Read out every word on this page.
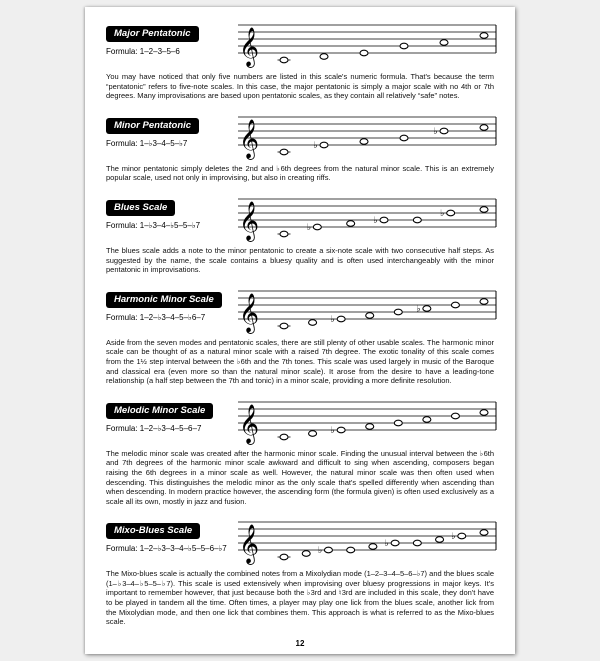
Major Pentatonic
Formula: 1–2–3–5–6	𝄞

You may have noticed that only five numbers are listed in this scale's numeric formula. That's because the term “pentatonic” refers to five-note scales. In this case, the major pentatonic is simply a major scale with no 4th or 7th degrees. Many improvisations are based upon pentatonic scales, as they contain all relatively “safe” notes.

Minor Pentatonic
Formula: 1–♭3–4–5–♭7	𝄞	♭
♭

The minor pentatonic simply deletes the 2nd and ♭6th degrees from the natural minor scale. This is an extremely popular scale, used not only in improvising, but also in creating riffs.

Blues Scale
Formula: 1–♭3–4–♭5–5–♭7	𝄞	♭
♭
♭

The blues scale adds a note to the minor pentatonic to create a six-note scale with two consecutive half steps. As suggested by the name, the scale contains a bluesy quality and is often used interchangeably with the minor pentatonic in improvisations.

Harmonic Minor Scale
Formula: 1–2–♭3–4–5–♭6–7 𝄞	♭
♭

Aside from the seven modes and pentatonic scales, there are still plenty of other usable scales. The harmonic minor scale can be thought of as a natural minor scale with a raised 7th degree. The exotic tonality of this scale comes from the 1½ step interval between the ♭6th and the 7th tones. This scale was used largely in music of the Baroque and classical era (even more so than the natural minor scale). It arose from the desire to have a leading-tone relationship (a half step between the 7th and tonic) in a minor scale, providing a more definite resolution.

Melodic Minor Scale
Formula: 1–2–♭3–4–5–6–7	𝄞	♭

The melodic minor scale was created after the harmonic minor scale. Finding the unusual interval between the ♭6th and 7th degrees of the harmonic minor scale awkward and difficult to sing when ascending, composers began raising the 6th degrees in a minor scale as well. However, the natural minor scale was then often used when descending. This distinguishes the melodic minor as the only scale that's spelled differently when ascending than when descending. In modern practice however, the ascending form (the formula given) is often used exclusively as a scale all its own, mostly in jazz and fusion.

Mixo-Blues Scale
Formula: 1–2–♭3–3–4–♭5–5–6–♭7 𝄞	♭
♭
♭

The Mixo-blues scale is actually the combined notes from a Mixolydian mode (1–2–3–4–5–6–♭7) and the blues scale (1–♭3–4–♭5–5–♭7). This scale is used extensively when improvising over bluesy progressions in major keys. It's important to remember however, that just because both the ♭3rd and ♮3rd are included in this scale, they don't have to be played in tandem all the time. Often times, a player may play one lick from the blues scale, another lick from the Mixolydian mode, and then one lick that combines them. This approach is what is referred to as the Mixo-blues scale.

12
